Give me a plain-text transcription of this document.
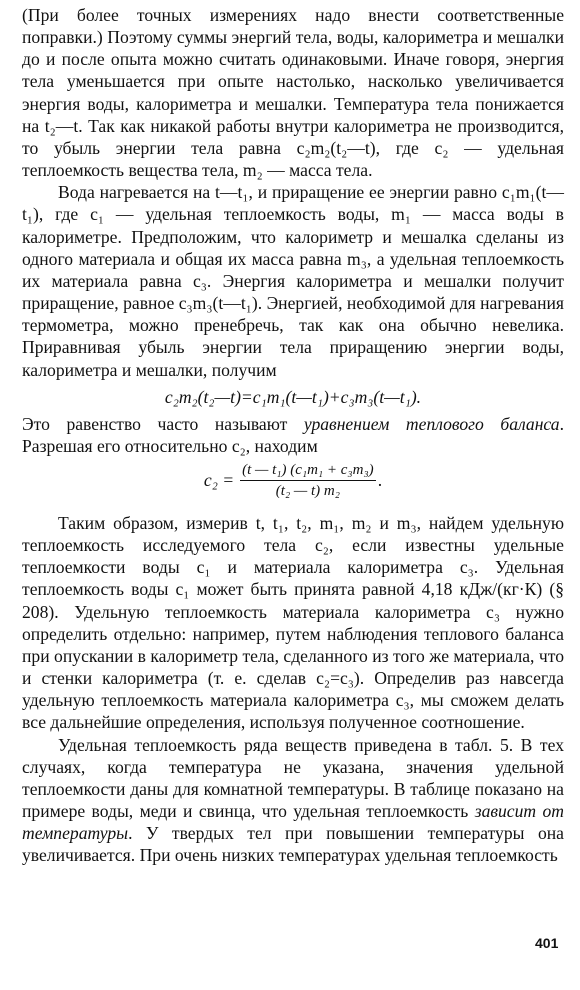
(При более точных измерениях надо внести соответственные поправки.) Поэтому суммы энергий тела, воды, калориметра и мешалки до и после опыта можно считать одинаковыми. Иначе говоря, энергия тела уменьшается при опыте настолько, насколько увеличивается энергия воды, калориметра и мешалки. Температура тела понижается на t₂—t. Так как никакой работы внутри калориметра не производится, то убыль энергии тела равна c₂m₂(t₂—t), где c₂ — удельная теплоемкость вещества тела, m₂ — масса тела.

Вода нагревается на t—t₁, и приращение ее энергии равно c₁m₁(t—t₁), где c₁ — удельная теплоемкость воды, m₁ — масса воды в калориметре. Предположим, что калориметр и мешалка сделаны из одного материала и общая их масса равна m₃, а удельная теплоемкость их материала равна c₃. Энергия калориметра и мешалки получит приращение, равное c₃m₃(t—t₁). Энергией, необходимой для нагревания термометра, можно пренебречь, так как она обычно невелика. Приравнивая убыль энергии тела приращению энергии воды, калориметра и мешалки, получим

c₂m₂(t₂—t)=c₁m₁(t—t₁)+c₃m₃(t—t₁).

Это равенство часто называют уравнением теплового баланса. Разрешая его относительно c₂, находим

$c_2 = \frac{\text{(t — t₁) (c₁m₁ + c₃m₃)}}{\text{(t₂ — t) m₂}}$ .

Таким образом, измерив t, t₁, t₂, m₁, m₂ и m₃, найдем удельную теплоемкость исследуемого тела c₂, если известны удельные теплоемкости воды c₁ и материала калориметра c₃. Удельная теплоемкость воды c₁ может быть принята равной 4,18 кДж/(кг·К) (§ 208). Удельную теплоемкость материала калориметра c₃ нужно определить отдельно: например, путем наблюдения теплового баланса при опускании в калориметр тела, сделанного из того же материала, что и стенки калориметра (т. е. сделав c₂=c₃). Определив раз навсегда удельную теплоемкость материала калориметра c₃, мы сможем делать все дальнейшие определения, используя полученное соотношение.

Удельная теплоемкость ряда веществ приведена в табл. 5. В тех случаях, когда температура не указана, значения удельной теплоемкости даны для комнатной температуры. В таблице показано на примере воды, меди и свинца, что удельная теплоемкость зависит от температуры. У твердых тел при повышении температуры она увеличивается. При очень низких температурах удельная теплоемкость

401
